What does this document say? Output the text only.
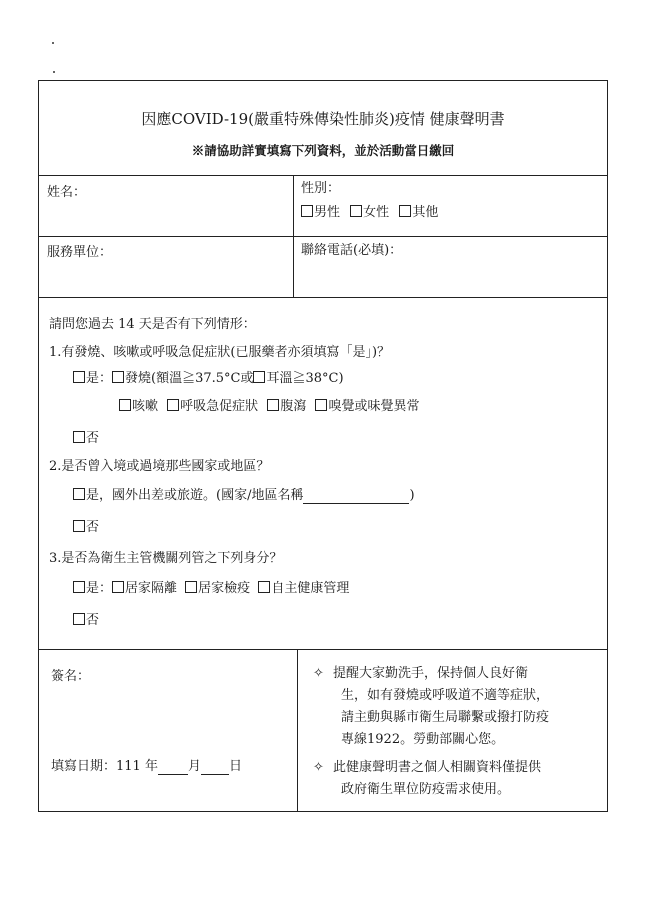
因應COVID-19(嚴重特殊傳染性肺炎)疫情 健康聲明書
※請協助詳實填寫下列資料，並於活動當日繳回
姓名：	性別：
男性 女性 其他
服務單位：	聯絡電話(必填)：
請問您過去 14 天是否有下列情形：
1.有發燒、咳嗽或呼吸急促症狀(已服藥者亦須填寫「是」)？
是： 發燒(額溫≧37.5°C或 耳溫≧38°C)
咳嗽 呼吸急促症狀 腹瀉 嗅覺或味覺異常
否
2.是否曾入境或過境那些國家或地區？
是，國外出差或旅遊。(國家/地區名稱	)
否
3.是否為衛生主管機關列管之下列身分？
是： 居家隔離 居家檢疫 自主健康管理
否
簽名：
填寫日期：111 年 月 日
✧ 提醒大家勤洗手，保持個人良好衛
生，如有發燒或呼吸道不適等症狀，
請主動與縣市衛生局聯繫或撥打防疫
專線1922。勞動部關心您。
✧ 此健康聲明書之個人相關資料僅提供
政府衛生單位防疫需求使用。
